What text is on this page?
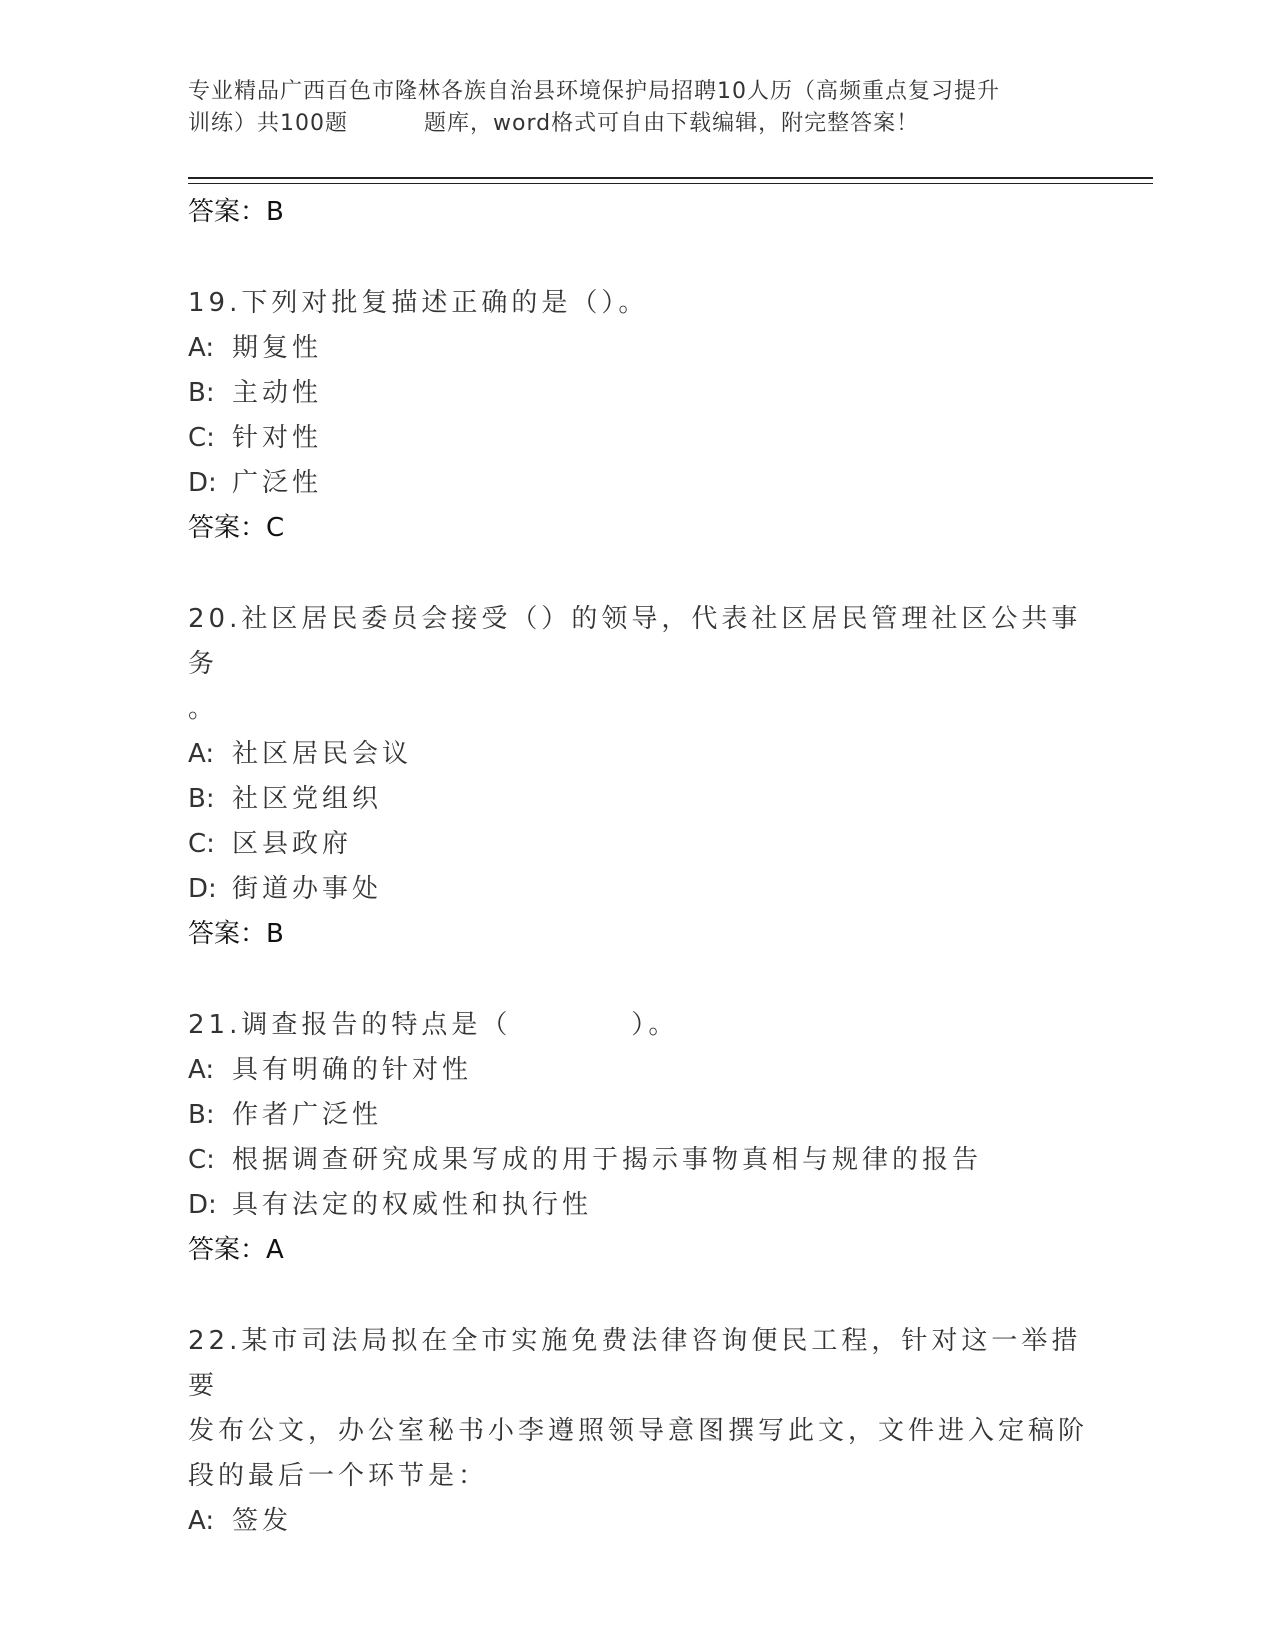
专业精品广西百色市隆林各族自治县环境保护局招聘10人历（高频重点复习提升
训练）共100题	题库，word格式可自由下载编辑，附完整答案！
答案：B
19.下列对批复描述正确的是（）。
A: 期复性
B: 主动性
C: 针对性
D: 广泛性
答案：C
20.社区居民委员会接受（）的领导，代表社区居民管理社区公共事务
。
A: 社区居民会议
B: 社区党组织
C: 区县政府
D: 街道办事处
答案：B
21.调查报告的特点是（	）。
A: 具有明确的针对性
B: 作者广泛性
C: 根据调查研究成果写成的用于揭示事物真相与规律的报告
D: 具有法定的权威性和执行性
答案：A
22.某市司法局拟在全市实施免费法律咨询便民工程，针对这一举措要
发布公文，办公室秘书小李遵照领导意图撰写此文，文件进入定稿阶
段的最后一个环节是：
A: 签发
